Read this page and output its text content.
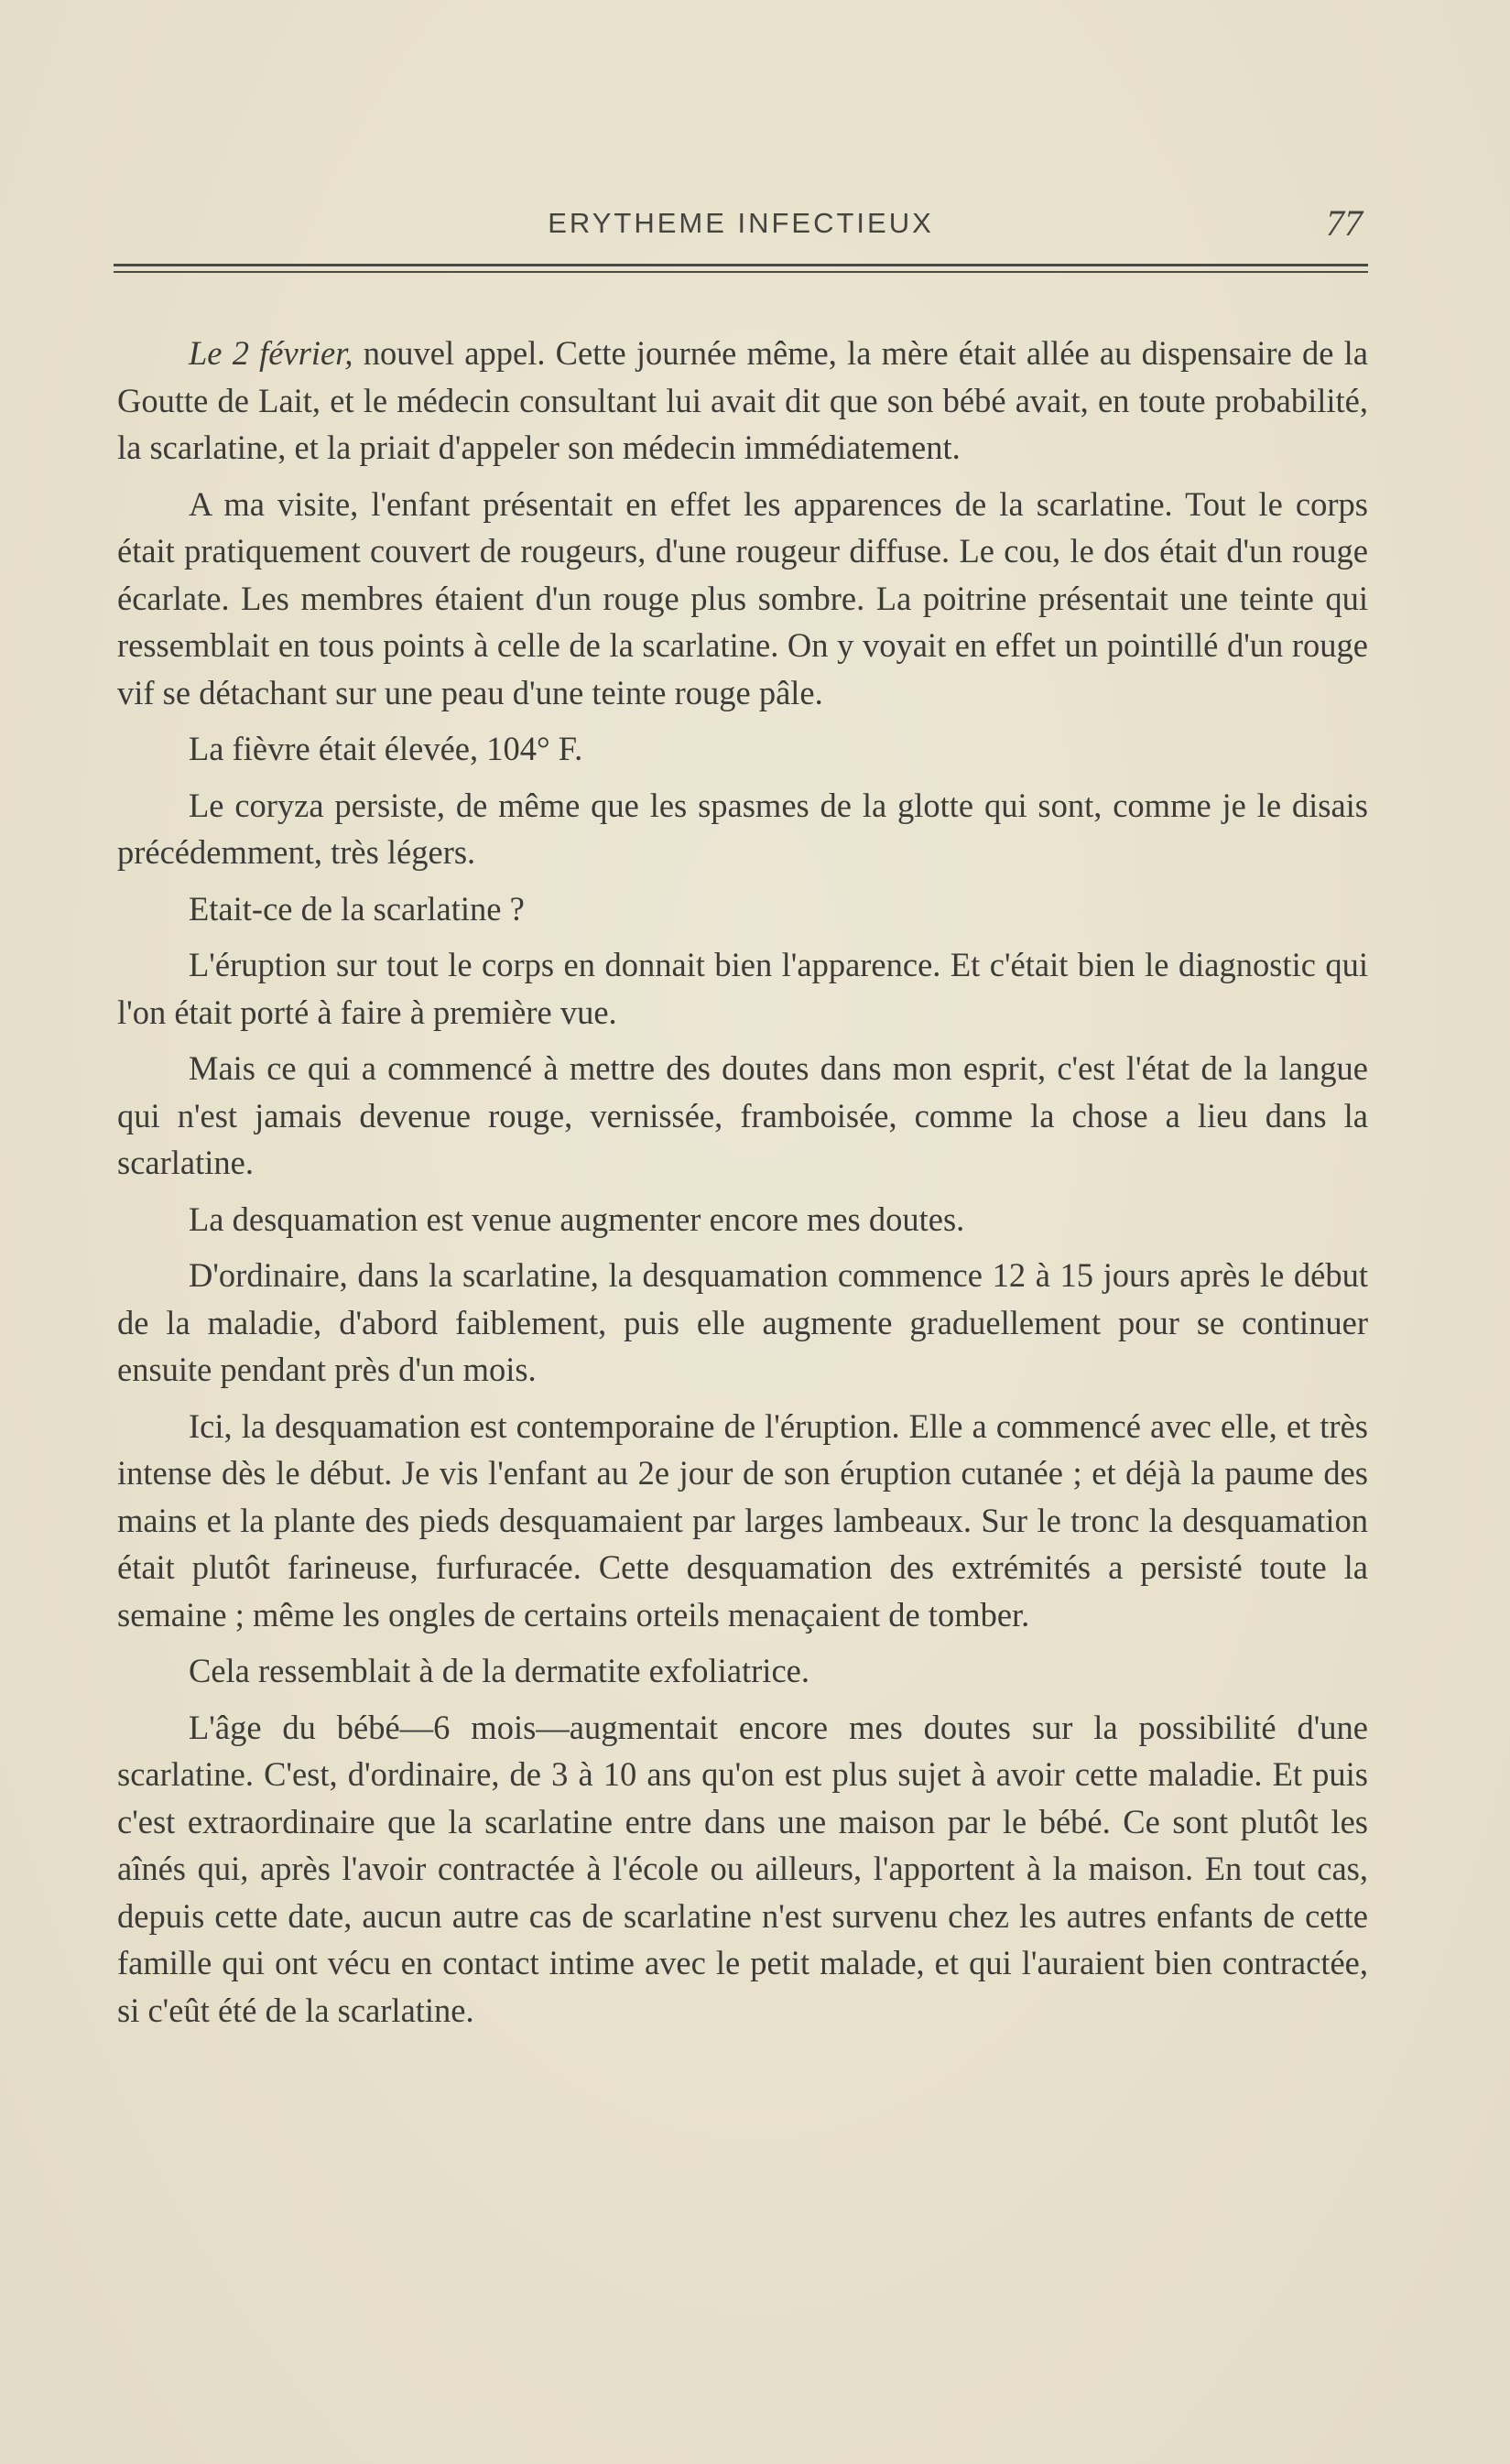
ERYTHEME INFECTIEUX	77

Le 2 février, nouvel appel. Cette journée même, la mère était allée au dispensaire de la Goutte de Lait, et le médecin consultant lui avait dit que son bébé avait, en toute probabilité, la scarlatine, et la priait d'appeler son médecin immédiatement.

A ma visite, l'enfant présentait en effet les apparences de la scarlatine. Tout le corps était pratiquement couvert de rougeurs, d'une rougeur diffuse. Le cou, le dos était d'un rouge écarlate. Les membres étaient d'un rouge plus sombre. La poitrine présentait une teinte qui ressemblait en tous points à celle de la scarlatine. On y voyait en effet un pointillé d'un rouge vif se détachant sur une peau d'une teinte rouge pâle.

La fièvre était élevée, 104° F.

Le coryza persiste, de même que les spasmes de la glotte qui sont, comme je le disais précédemment, très légers.

Etait-ce de la scarlatine ?

L'éruption sur tout le corps en donnait bien l'apparence. Et c'était bien le diagnostic qui l'on était porté à faire à première vue.

Mais ce qui a commencé à mettre des doutes dans mon esprit, c'est l'état de la langue qui n'est jamais devenue rouge, vernissée, framboisée, comme la chose a lieu dans la scarlatine.

La desquamation est venue augmenter encore mes doutes.

D'ordinaire, dans la scarlatine, la desquamation commence 12 à 15 jours après le début de la maladie, d'abord faiblement, puis elle augmente graduellement pour se continuer ensuite pendant près d'un mois.

Ici, la desquamation est contemporaine de l'éruption. Elle a commencé avec elle, et très intense dès le début. Je vis l'enfant au 2e jour de son éruption cutanée ; et déjà la paume des mains et la plante des pieds desquamaient par larges lambeaux. Sur le tronc la desquamation était plutôt farineuse, furfuracée. Cette desquamation des extrémités a persisté toute la semaine ; même les ongles de certains orteils menaçaient de tomber.

Cela ressemblait à de la dermatite exfoliatrice.

L'âge du bébé—6 mois—augmentait encore mes doutes sur la possibilité d'une scarlatine. C'est, d'ordinaire, de 3 à 10 ans qu'on est plus sujet à avoir cette maladie. Et puis c'est extraordinaire que la scarlatine entre dans une maison par le bébé. Ce sont plutôt les aînés qui, après l'avoir contractée à l'école ou ailleurs, l'apportent à la maison. En tout cas, depuis cette date, aucun autre cas de scarlatine n'est survenu chez les autres enfants de cette famille qui ont vécu en contact intime avec le petit malade, et qui l'auraient bien contractée, si c'eût été de la scarlatine.
